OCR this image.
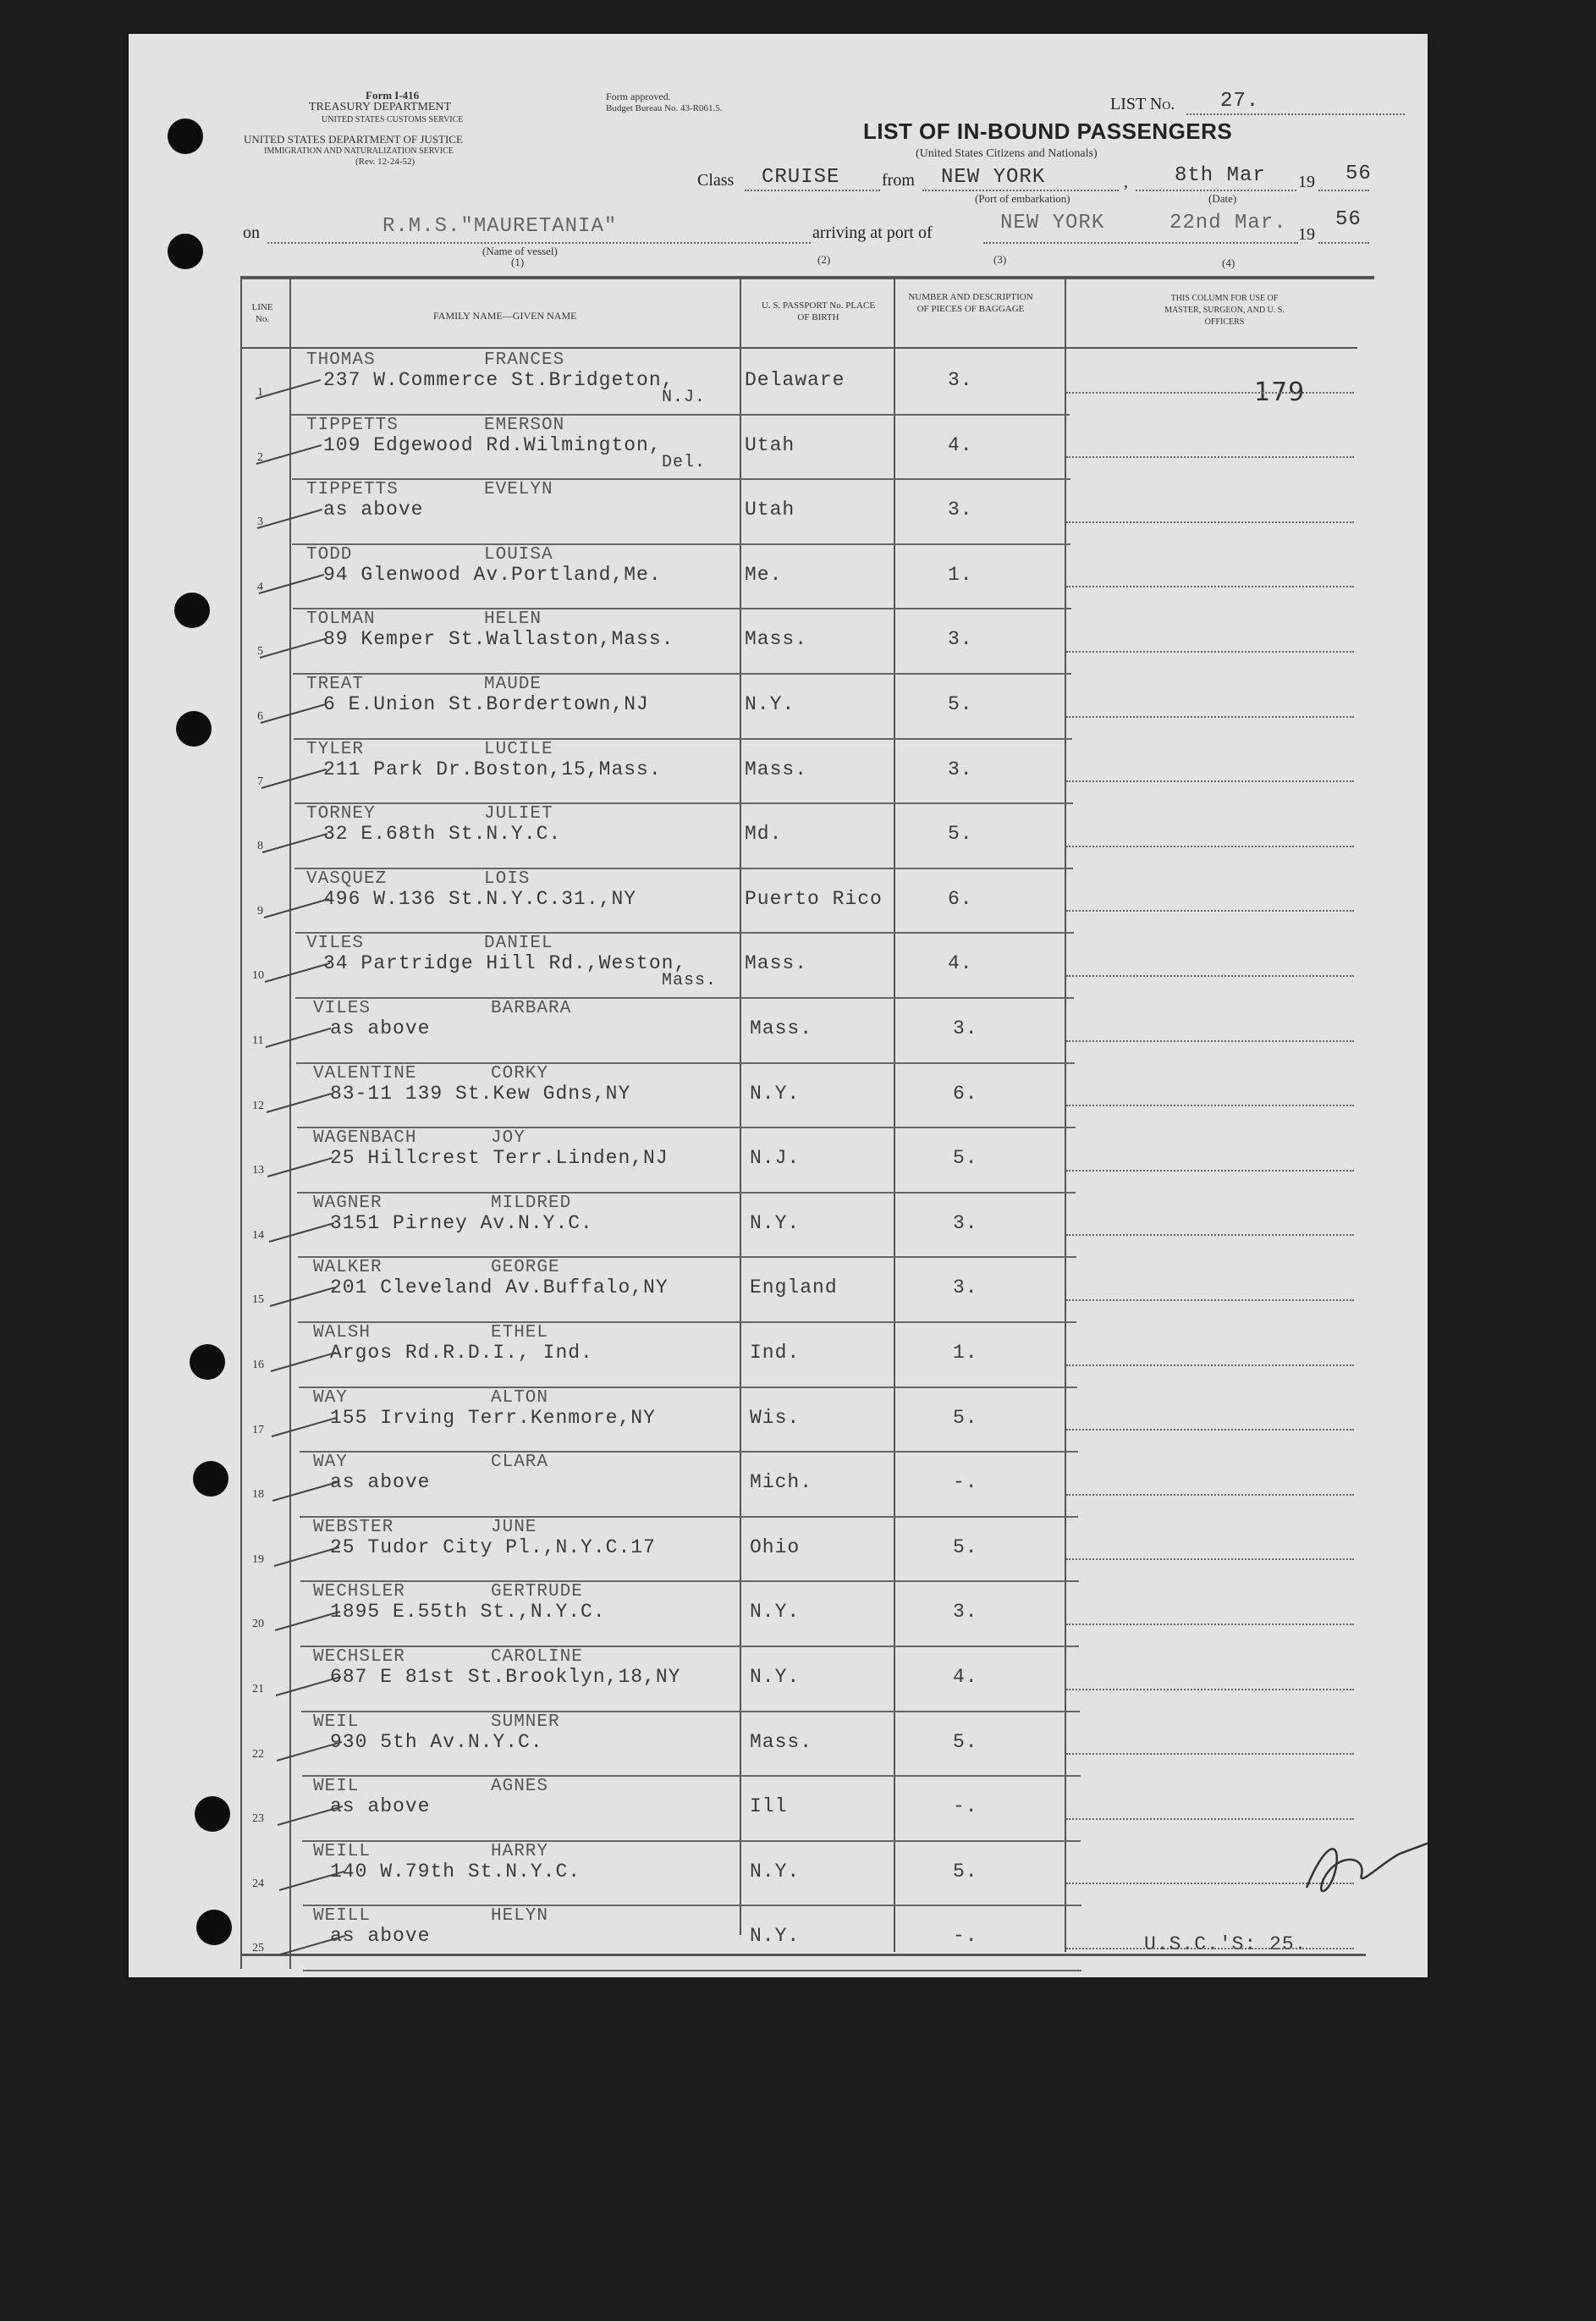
Form I-416
TREASURY DEPARTMENT
UNITED STATES CUSTOMS SERVICE
UNITED STATES DEPARTMENT OF JUSTICE
IMMIGRATION AND NATURALIZATION SERVICE
(Rev. 12-24-52)
Form approved.
Budget Bureau No. 43-R061.5.
LIST OF IN-BOUND PASSENGERS
(United States Citizens and Nationals)
LIST No. 27.
Class CRUISE from NEW YORK
(Port of embarkation)
, 8th Mar
(Date)
19 56
on	R.M.S."MAURETANIA"
(Name of vessel)
(1)
arriving at port of
(2)
NEW YORK
(3)
22nd Mar.
(4)
19
56
LINE No.	FAMILY NAME—GIVEN NAME
U. S. PASSPORT No. PLACE OF BIRTH
NUMBER AND DESCRIPTION OF PIECES OF BAGGAGE
THIS COLUMN FOR USE OF MASTER, SURGEON, AND U. S. OFFICERS
1
THOMAS	FRANCES
237 W.Commerce St.Bridgeton,
N.J.
Delaware	3.	179
2
TIPPETTS	EMERSON
109 Edgewood Rd.Wilmington,
Del.
Utah	4.
3
TIPPETTS	EVELYN
as above	Utah	3.
4
TODD	LOUISA
94 Glenwood Av.Portland,Me.	Me.	1.
5
TOLMAN	HELEN
89 Kemper St.Wallaston,Mass.	Mass.	3.
6
TREAT	MAUDE
6 E.Union St.Bordertown,NJ	N.Y.	5.
7
TYLER	LUCILE
211 Park Dr.Boston,15,Mass.	Mass.	3.
8
TORNEY	JULIET
32 E.68th St.N.Y.C.	Md.	5.
9
VASQUEZ	LOIS
496 W.136 St.N.Y.C.31.,NY	Puerto Rico	6.
10
VILES	DANIEL
34 Partridge Hill Rd.,Weston,
Mass.
Mass.	4.
11
VILES	BARBARA
as above	Mass.	3.
12
VALENTINE	CORKY
83-11 139 St.Kew Gdns,NY	N.Y.	6.
13
WAGENBACH	JOY
25 Hillcrest Terr.Linden,NJ	N.J.	5.
14
WAGNER	MILDRED
3151 Pirney Av.N.Y.C.	N.Y.	3.
15
WALKER	GEORGE
201 Cleveland Av.Buffalo,NY	England	3.
16
WALSH	ETHEL
Argos Rd.R.D.I., Ind.	Ind.	1.
17
WAY	ALTON
155 Irving Terr.Kenmore,NY	Wis.	5.
18
WAY	CLARA
as above	Mich.	-.
19
WEBSTER	JUNE
25 Tudor City Pl.,N.Y.C.17	Ohio	5.
20
WECHSLER	GERTRUDE
1895 E.55th St.,N.Y.C.	N.Y.	3.
21
WECHSLER	CAROLINE
687 E 81st St.Brooklyn,18,NY	N.Y.	4.
22
WEIL	SUMNER
930 5th Av.N.Y.C.	Mass.	5.
23
WEIL	AGNES
as above	Ill	-.
24
WEILL	HARRY
140 W.79th St.N.Y.C.	N.Y.	5.
25
WEILL	HELYN
as above	N.Y.	-.	U.S.C.'S: 25.
